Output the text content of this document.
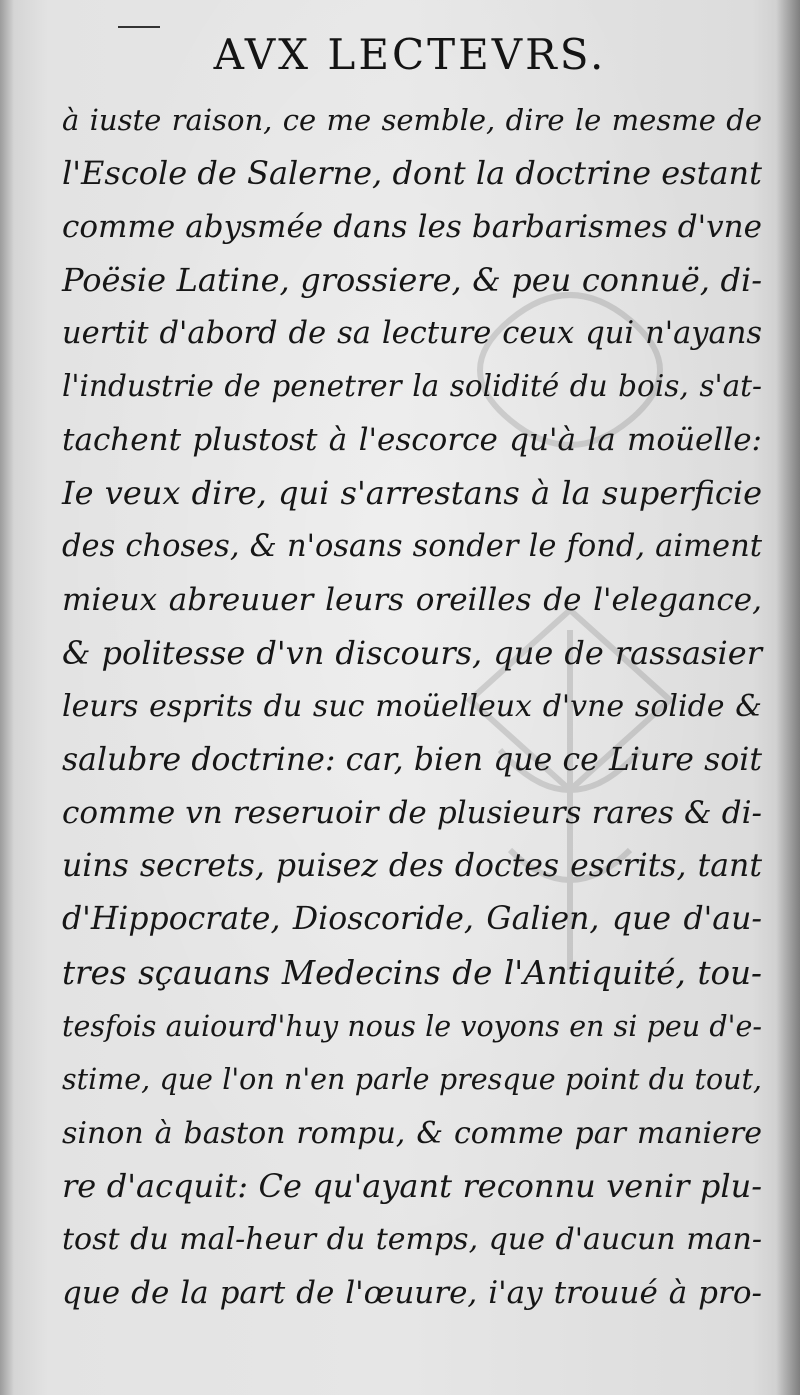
AVX LECTEVRS.
à iuste raison, ce me semble, dire le mesme de
l'Escole de Salerne, dont la doctrine estant
comme abysmée dans les barbarismes d'vne
Poësie Latine, grossiere, & peu connuë, di-
uertit d'abord de sa lecture ceux qui n'ayans
l'industrie de penetrer la solidité du bois, s'at-
tachent plustost à l'escorce qu'à la moüelle:
Ie veux dire, qui s'arrestans à la superficie
des choses, & n'osans sonder le fond, aiment
mieux abreuuer leurs oreilles de l'elegance,
& politesse d'vn discours, que de rassasier
leurs esprits du suc moüelleux d'vne solide &
salubre doctrine: car, bien que ce Liure soit
comme vn reseruoir de plusieurs rares & di-
uins secrets, puisez des doctes escrits, tant
d'Hippocrate, Dioscoride, Galien, que d'au-
tres sçauans Medecins de l'Antiquité, tou-
tesfois auiourd'huy nous le voyons en si peu d'e-
stime, que l'on n'en parle presque point du tout,
sinon à baston rompu, & comme par maniere
re d'acquit: Ce qu'ayant reconnu venir plu-
tost du mal-heur du temps, que d'aucun man-
que de la part de l'œuure, i'ay trouué à pro-
